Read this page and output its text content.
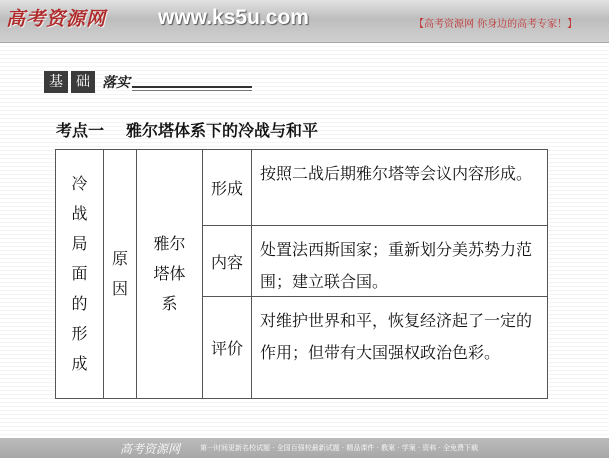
高考资源网 www.ks5u.com	【高考资源网 你身边的高考专家！】
基 础 落实
考点一 雅尔塔体系下的冷战与和平
冷
战
局
面
的
形
成
原
因
雅尔
塔体
系
形成
按照二战后期雅尔塔等会议内容形成。
内容
处置法西斯国家；重新划分美苏势力范围；建立联合国。
评价
对维护世界和平，恢复经济起了一定的作用；但带有大国强权政治色彩。
高考资源网	第一时间更新名校试题 · 全国百强校最新试题 · 精品课件 · 教案 · 学案 · 资料 · 全免费下载
